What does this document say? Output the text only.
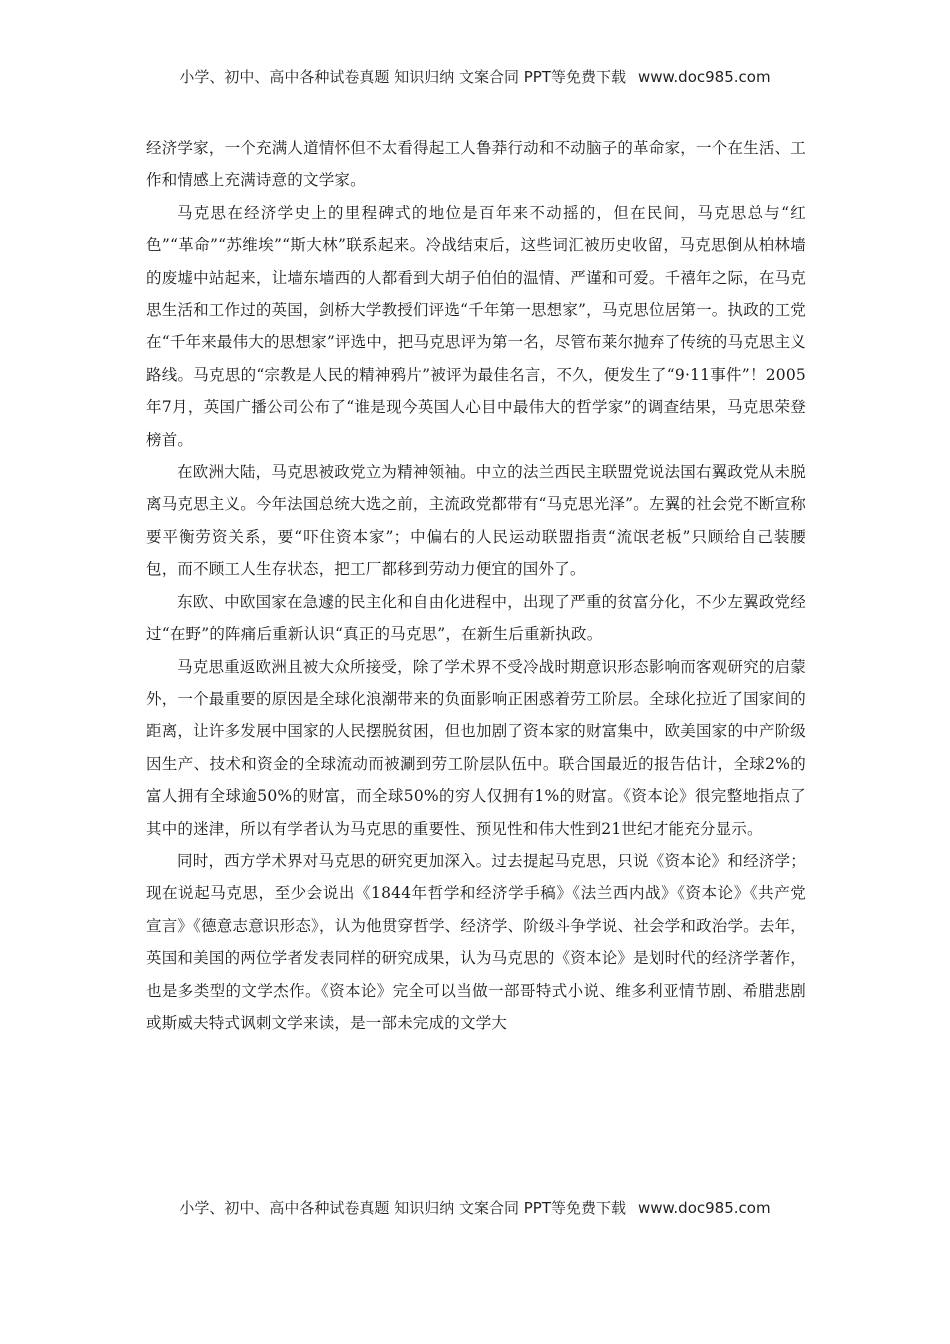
小学、初中、高中各种试卷真题 知识归纳 文案合同 PPT等免费下载 www.doc985.com

经济学家，一个充满人道情怀但不太看得起工人鲁莽行动和不动脑子的革命家，一个在生活、工作和情感上充满诗意的文学家。

马克思在经济学史上的里程碑式的地位是百年来不动摇的，但在民间，马克思总与“红色”“革命”“苏维埃”“斯大林”联系起来。冷战结束后，这些词汇被历史收留，马克思倒从柏林墙的废墟中站起来，让墙东墙西的人都看到大胡子伯伯的温情、严谨和可爱。千禧年之际，在马克思生活和工作过的英国，剑桥大学教授们评选“千年第一思想家”，马克思位居第一。执政的工党在“千年来最伟大的思想家”评选中，把马克思评为第一名，尽管布莱尔抛弃了传统的马克思主义路线。马克思的“宗教是人民的精神鸦片”被评为最佳名言，不久，便发生了“9·11事件”！2005年7月，英国广播公司公布了“谁是现今英国人心目中最伟大的哲学家”的调查结果，马克思荣登榜首。

在欧洲大陆，马克思被政党立为精神领袖。中立的法兰西民主联盟党说法国右翼政党从未脱离马克思主义。今年法国总统大选之前，主流政党都带有“马克思光泽”。左翼的社会党不断宣称要平衡劳资关系，要“吓住资本家”；中偏右的人民运动联盟指责“流氓老板”只顾给自己装腰包，而不顾工人生存状态，把工厂都移到劳动力便宜的国外了。

东欧、中欧国家在急遽的民主化和自由化进程中，出现了严重的贫富分化，不少左翼政党经过“在野”的阵痛后重新认识“真正的马克思”，在新生后重新执政。

马克思重返欧洲且被大众所接受，除了学术界不受冷战时期意识形态影响而客观研究的启蒙外，一个最重要的原因是全球化浪潮带来的负面影响正困惑着劳工阶层。全球化拉近了国家间的距离，让许多发展中国家的人民摆脱贫困，但也加剧了资本家的财富集中，欧美国家的中产阶级因生产、技术和资金的全球流动而被涮到劳工阶层队伍中。联合国最近的报告估计，全球2%的富人拥有全球逾50%的财富，而全球50%的穷人仅拥有1%的财富。《资本论》很完整地指点了其中的迷津，所以有学者认为马克思的重要性、预见性和伟大性到21世纪才能充分显示。

同时，西方学术界对马克思的研究更加深入。过去提起马克思，只说《资本论》和经济学；现在说起马克思，至少会说出《1844年哲学和经济学手稿》《法兰西内战》《资本论》《共产党宣言》《德意志意识形态》，认为他贯穿哲学、经济学、阶级斗争学说、社会学和政治学。去年，英国和美国的两位学者发表同样的研究成果，认为马克思的《资本论》是划时代的经济学著作，也是多类型的文学杰作。《资本论》完全可以当做一部哥特式小说、维多利亚情节剧、希腊悲剧或斯威夫特式讽刺文学来读，是一部未完成的文学大

小学、初中、高中各种试卷真题 知识归纳 文案合同 PPT等免费下载 www.doc985.com
